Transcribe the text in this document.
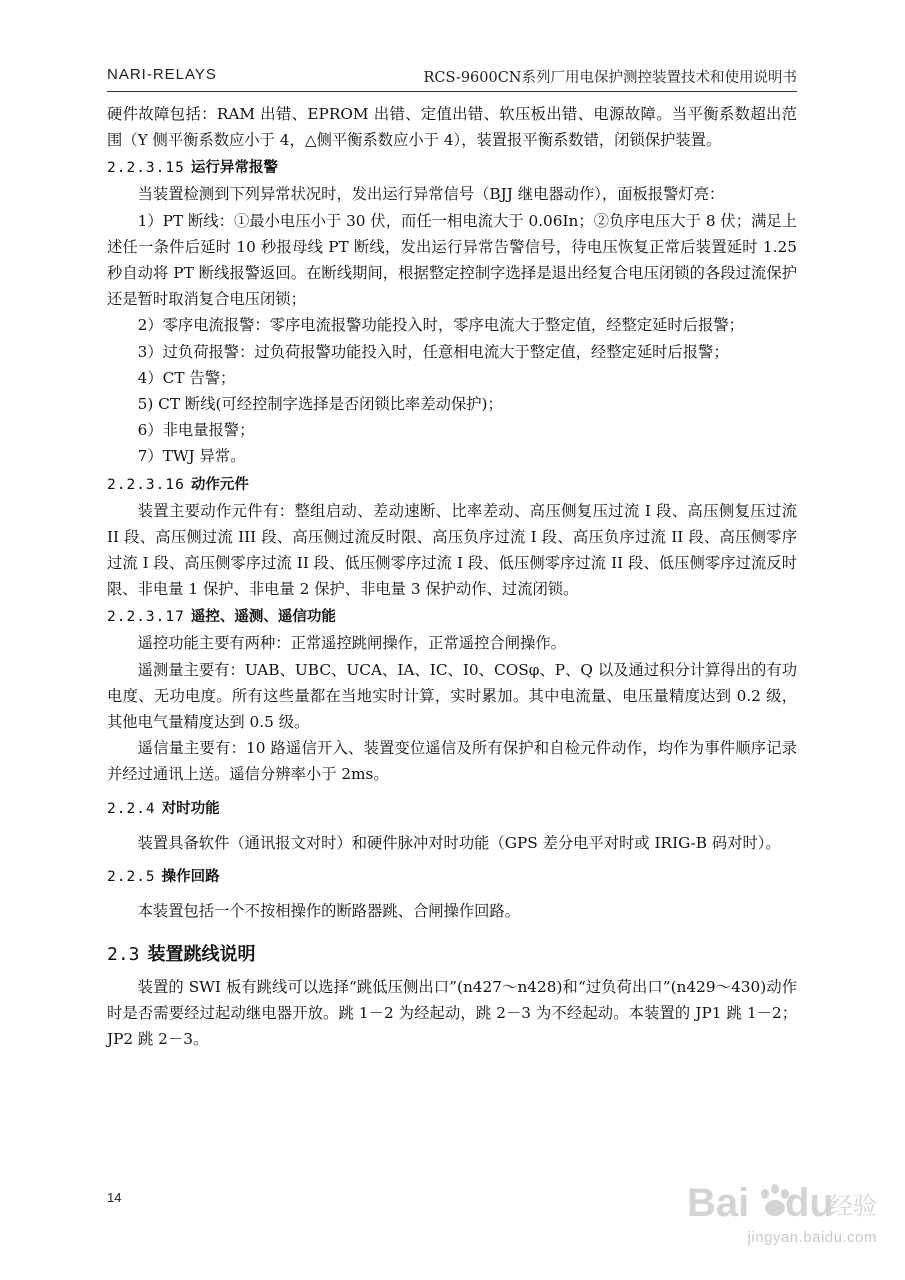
NARI-RELAYS	RCS-9600CN系列厂用电保护测控装置技术和使用说明书

硬件故障包括：RAM 出错、EPROM 出错、定值出错、软压板出错、电源故障。当平衡系数超出范围（Y 侧平衡系数应小于 4，△侧平衡系数应小于 4），装置报平衡系数错，闭锁保护装置。

2.2.3.15 运行异常报警

当装置检测到下列异常状况时，发出运行异常信号（BJJ 继电器动作），面板报警灯亮：

1）PT 断线：①最小电压小于 30 伏，而任一相电流大于 0.06In；②负序电压大于 8 伏；满足上述任一条件后延时 10 秒报母线 PT 断线，发出运行异常告警信号，待电压恢复正常后装置延时 1.25 秒自动将 PT 断线报警返回。在断线期间，根据整定控制字选择是退出经复合电压闭锁的各段过流保护还是暂时取消复合电压闭锁；

2）零序电流报警：零序电流报警功能投入时，零序电流大于整定值，经整定延时后报警；

3）过负荷报警：过负荷报警功能投入时，任意相电流大于整定值，经整定延时后报警；

4）CT 告警；

5) CT 断线(可经控制字选择是否闭锁比率差动保护)；

6）非电量报警；

7）TWJ 异常。

2.2.3.16 动作元件

装置主要动作元件有：整组启动、差动速断、比率差动、高压侧复压过流 I 段、高压侧复压过流 II 段、高压侧过流 III 段、高压侧过流反时限、高压负序过流 I 段、高压负序过流 II 段、高压侧零序过流 I 段、高压侧零序过流 II 段、低压侧零序过流 I 段、低压侧零序过流 II 段、低压侧零序过流反时限、非电量 1 保护、非电量 2 保护、非电量 3 保护动作、过流闭锁。

2.2.3.17 遥控、遥测、遥信功能

遥控功能主要有两种：正常遥控跳闸操作，正常遥控合闸操作。

遥测量主要有：UAB、UBC、UCA、IA、IC、I0、COSφ、P、Q 以及通过积分计算得出的有功电度、无功电度。所有这些量都在当地实时计算，实时累加。其中电流量、电压量精度达到 0.2 级，其他电气量精度达到 0.5 级。

遥信量主要有：10 路遥信开入、装置变位遥信及所有保护和自检元件动作，均作为事件顺序记录并经过通讯上送。遥信分辨率小于 2ms。

2.2.4 对时功能

装置具备软件（通讯报文对时）和硬件脉冲对时功能（GPS 差分电平对时或 IRIG-B 码对时）。

2.2.5 操作回路

本装置包括一个不按相操作的断路器跳、合闸操作回路。

2.3 装置跳线说明

装置的 SWI 板有跳线可以选择“跳低压侧出口”(n427～n428)和“过负荷出口”(n429～430)动作时是否需要经过起动继电器开放。跳 1－2 为经起动，跳 2－3 为不经起动。本装置的 JP1 跳 1－2；JP2 跳 2－3。

14	Bai du
经验
jingyan.baidu.com
